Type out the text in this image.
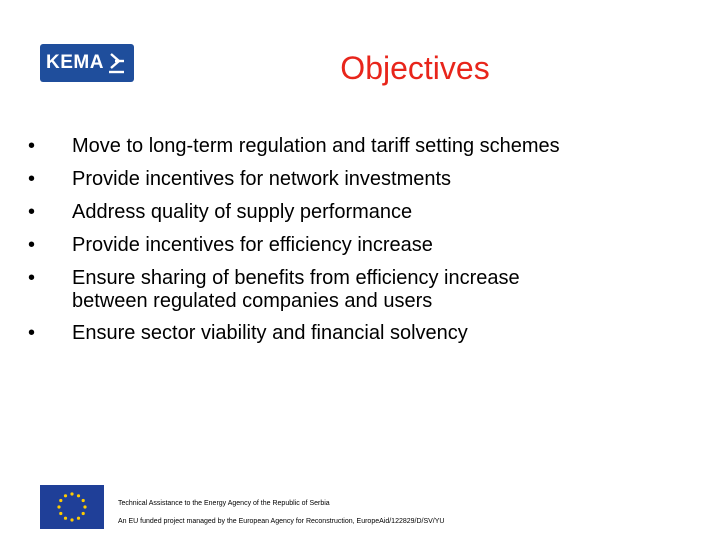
KEMA	Objectives
•	Move to long-term regulation and tariff setting schemes
•	Provide incentives for network investments
•	Address quality of supply performance
•	Provide incentives for efficiency increase
•	Ensure sharing of benefits from efficiency increase
between regulated companies and users
•	Ensure sector viability and financial solvency
Technical Assistance to the Energy Agency of the Republic of Serbia
An EU funded project managed by the European Agency for Reconstruction, EuropeAid/122829/D/SV/YU
